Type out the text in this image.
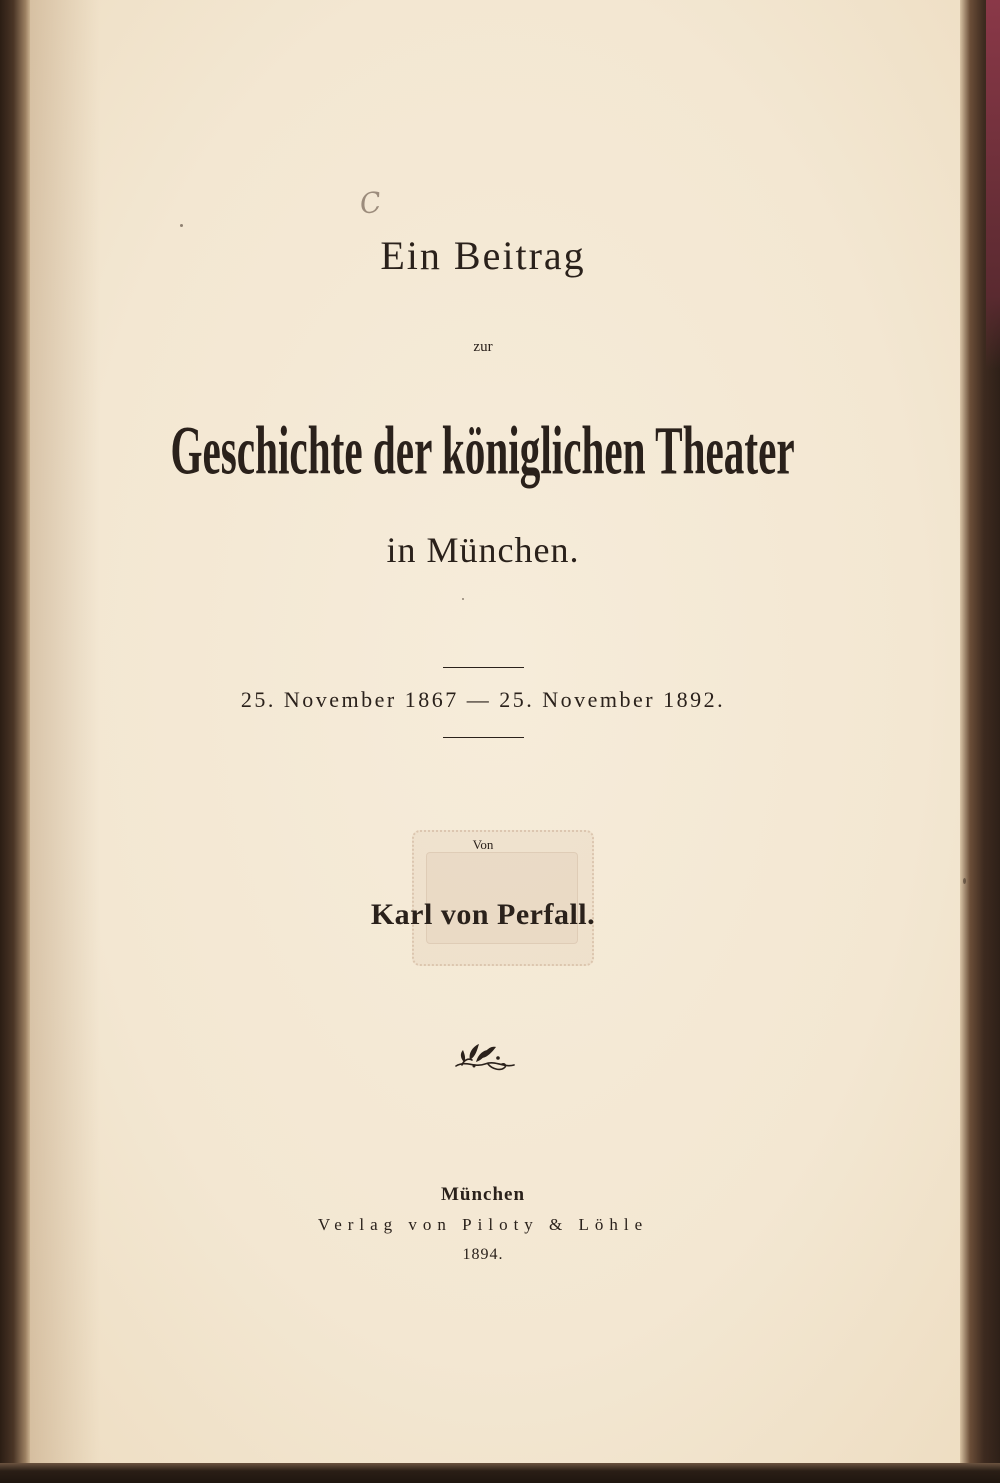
C
Ein Beitrag
zur
Geschichte der königlichen Theater
in München.
25. November 1867 — 25. November 1892.
Von
Karl von Perfall.
München
Verlag von Piloty & Löhle
1894.
